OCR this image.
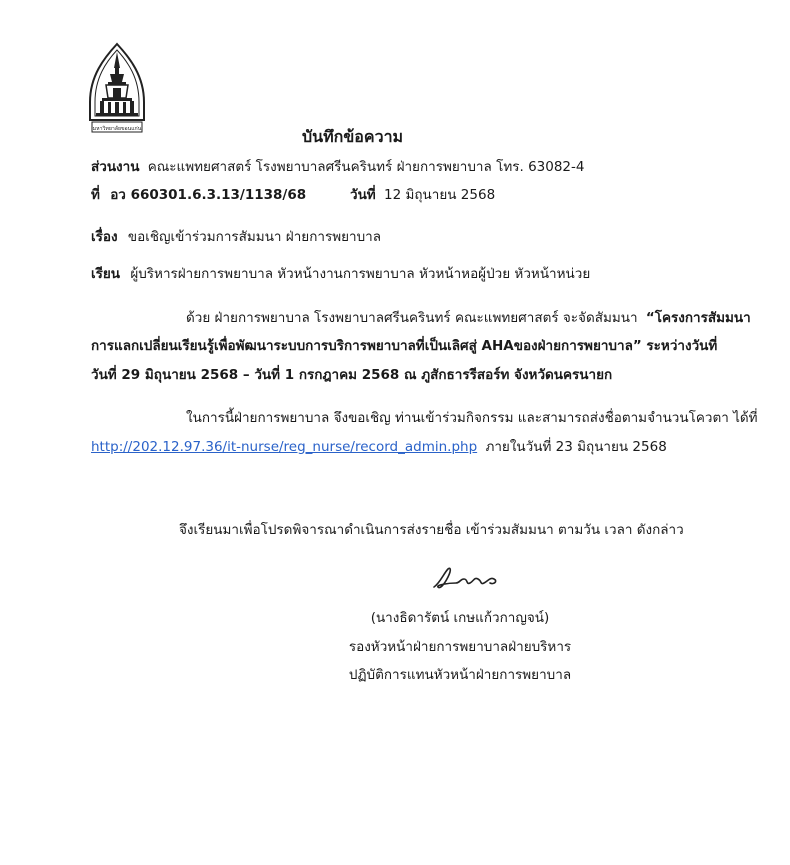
มหาวิทยาลัยขอนแก่น	บันทึกข้อความ
ส่วนงาน คณะแพทยศาสตร์ โรงพยาบาลศรีนครินทร์ ฝ่ายการพยาบาล โทร. 63082-4
ที่ อว 660301.6.3.13/1138/68	วันที่ 12 มิถุนายน 2568
เรื่อง ขอเชิญเข้าร่วมการสัมมนา ฝ่ายการพยาบาล
เรียน ผู้บริหารฝ่ายการพยาบาล หัวหน้างานการพยาบาล หัวหน้าหอผู้ป่วย หัวหน้าหน่วย
ด้วย ฝ่ายการพยาบาล โรงพยาบาลศรีนครินทร์ คณะแพทยศาสตร์ จะจัดสัมมนา “โครงการสัมมนา
การแลกเปลี่ยนเรียนรู้เพื่อพัฒนาระบบการบริการพยาบาลที่เป็นเลิศสู่ AHAของฝ่ายการพยาบาล” ระหว่างวันที่
วันที่ 29 มิถุนายน 2568 – วันที่ 1 กรกฎาคม 2568 ณ ภูสักธารรีสอร์ท จังหวัดนครนายก
ในการนี้ฝ่ายการพยาบาล จึงขอเชิญ ท่านเข้าร่วมกิจกรรม และสามารถส่งชื่อตามจำนวนโควตา ได้ที่
http://202.12.97.36/it-nurse/reg_nurse/record_admin.php ภายในวันที่ 23 มิถุนายน 2568
จึงเรียนมาเพื่อโปรดพิจารณาดำเนินการส่งรายชื่อ เข้าร่วมสัมมนา ตามวัน เวลา ดังกล่าว
(นางธิดารัตน์ เกษแก้วกาญจน์)
รองหัวหน้าฝ่ายการพยาบาลฝ่ายบริหาร
ปฏิบัติการแทนหัวหน้าฝ่ายการพยาบาล
